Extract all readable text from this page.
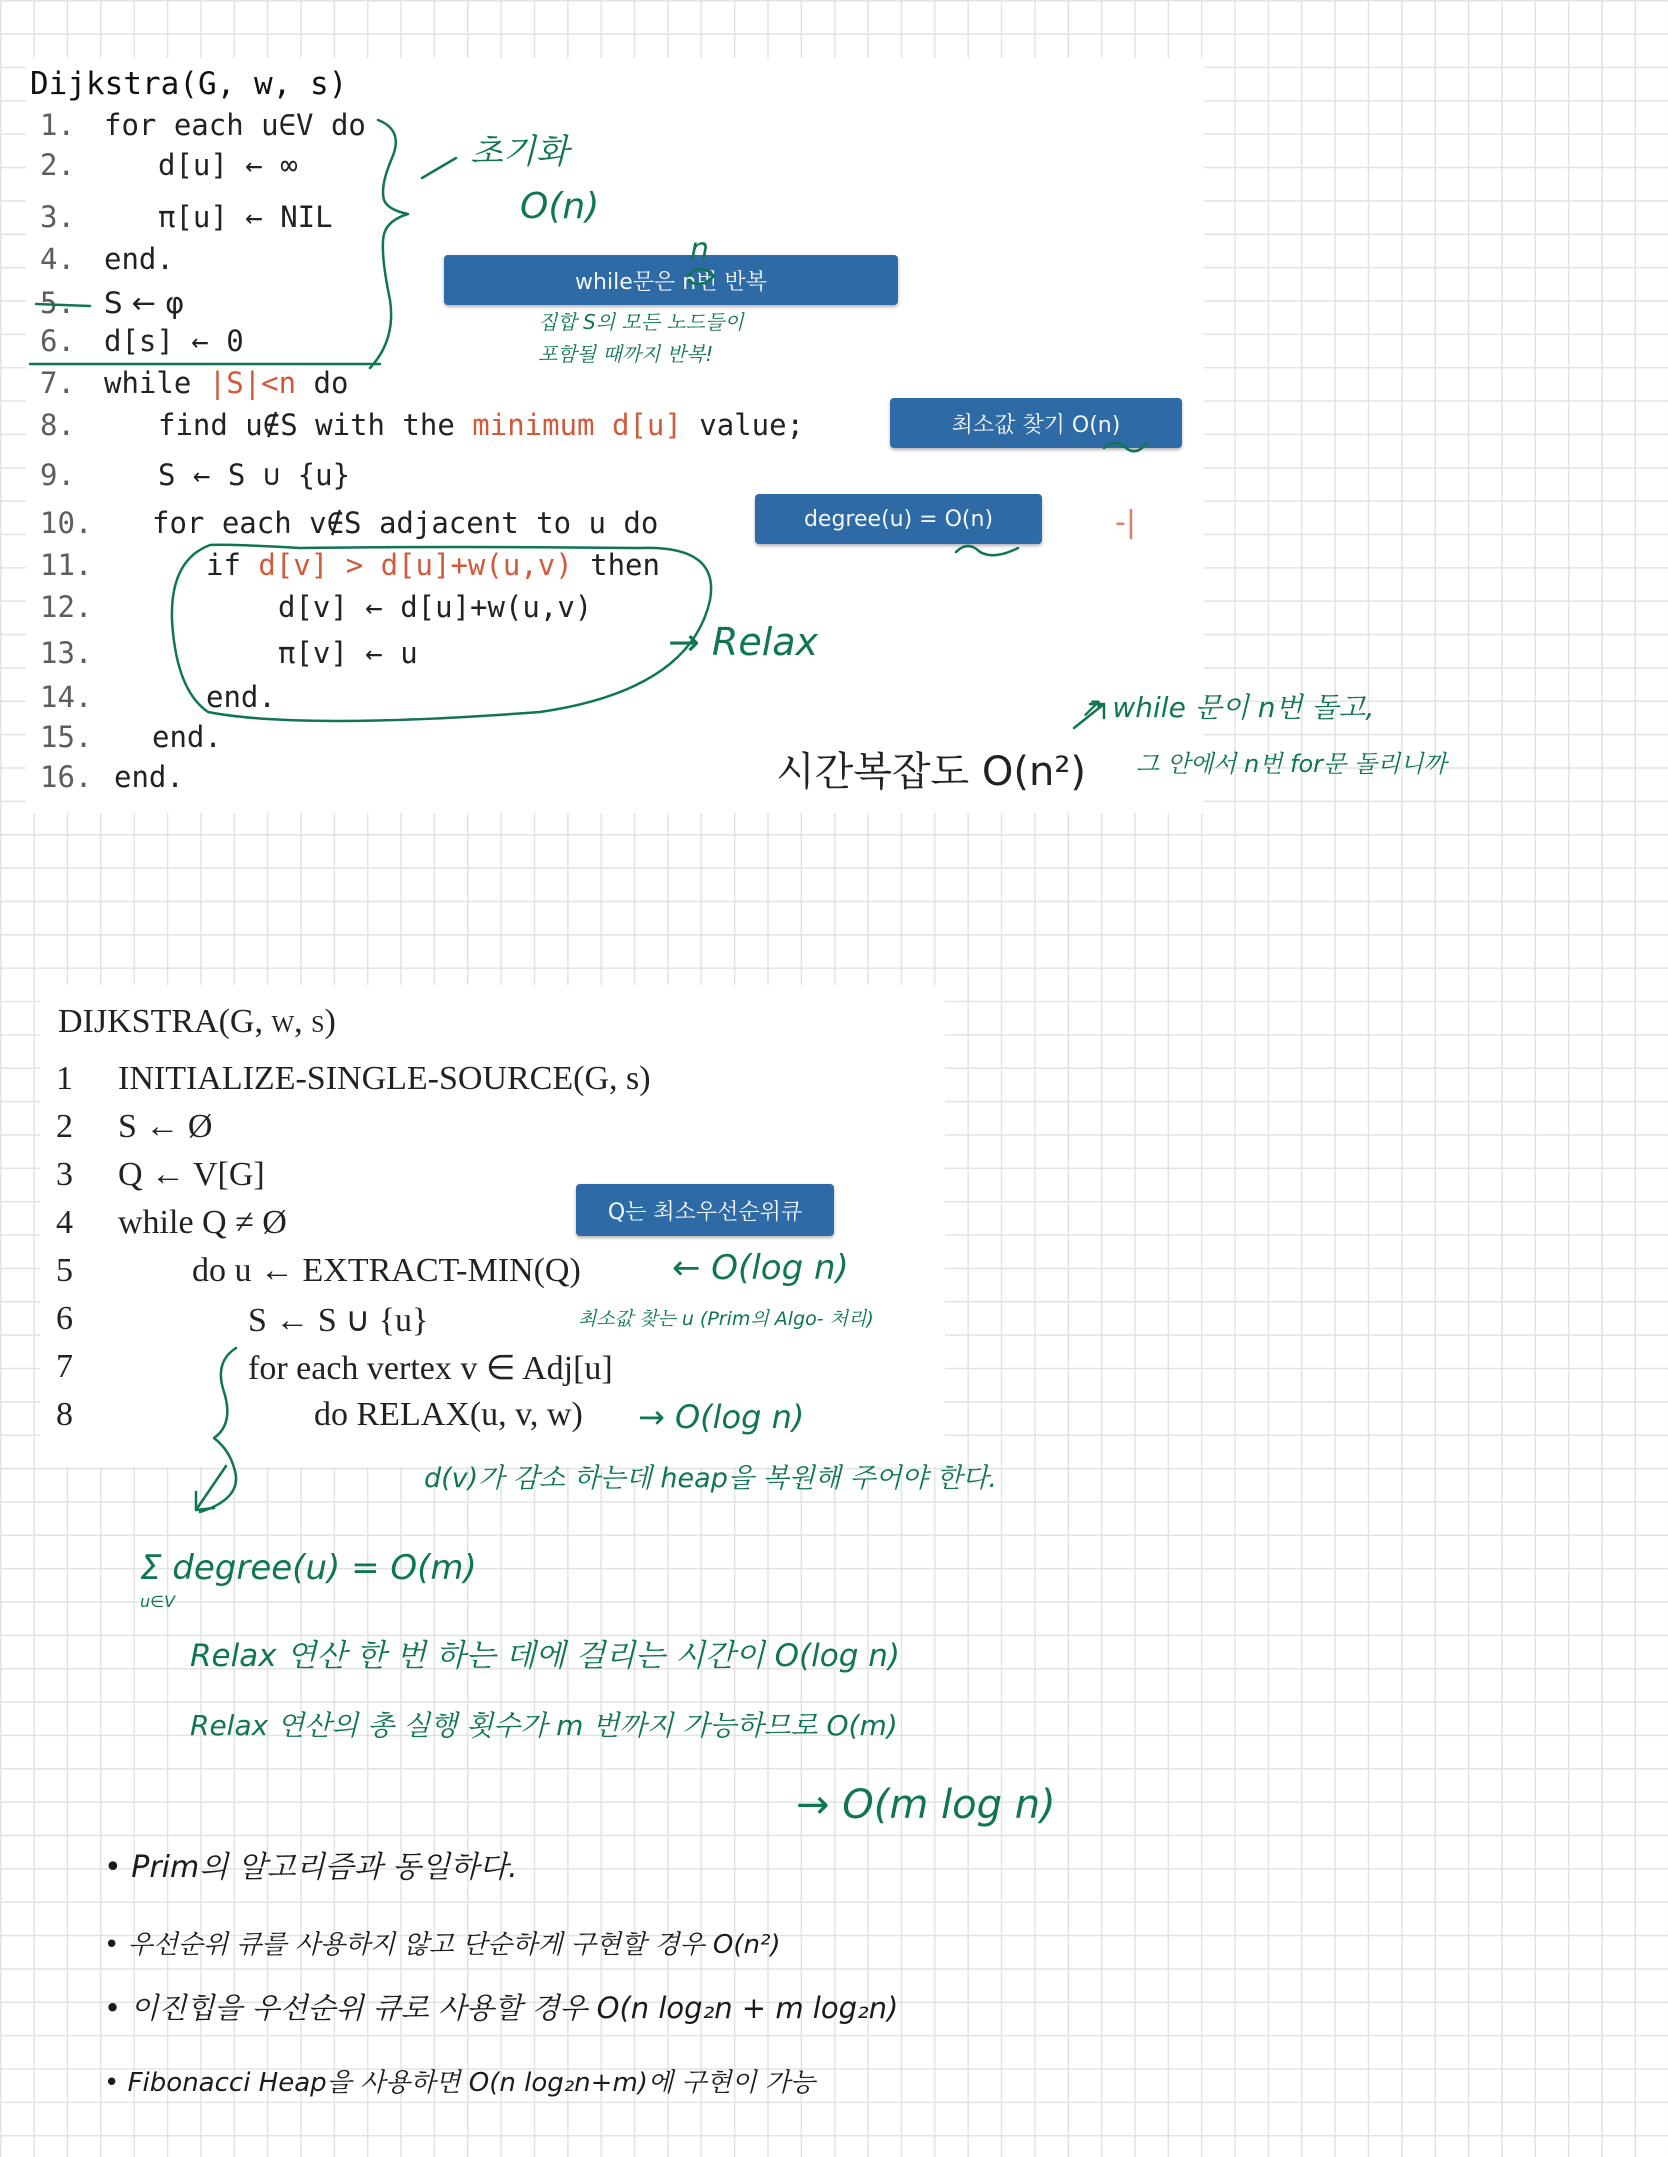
Dijkstra(G, w, s)
1. for each u∈V do
2.	d[u] ← ∞
3.	π[u] ← NIL
4. end.
5. S ← φ
6. d[s] ← 0
7. while |S|<n do
8.	find u∉S with the minimum d[u] value;
9.	S ← S ∪ {u}
10. for each v∉S adjacent to u do
11.	if d[v] > d[u]+w(u,v) then
12.	d[v] ← d[u]+w(u,v)
13.	π[v] ← u
14.	end.
15. end.
16. end.
while문은 n번 반복
최소값 찾기 O(n)
degree(u) = O(n)
초기화
O(n)
n
집합 S의 모든 노드들이
포함될 때까지 반복!
→ Relax
-|
시간복잡도 O(n²)
↗ while 문이 n번 돌고,
그 안에서 n번 for문 돌리니까
DIJKSTRA(G, w, s)
1 INITIALIZE-SINGLE-SOURCE(G, s)
2 S ← Ø
3 Q ← V[G]
4 while Q ≠ Ø
5	do u ← EXTRACT-MIN(Q)
6	S ← S ∪ {u}
7	for each vertex v ∈ Adj[u]
8	do RELAX(u, v, w)
Q는 최소우선순위큐
← O(log n)
최소값 찾는 u (Prim의 Algo- 처리)
→ O(log n)
d(v)가 감소 하는데 heap을 복원해 주어야 한다.
Σ degree(u) = O(m)
u∈V
Relax 연산 한 번 하는 데에 걸리는 시간이 O(log n)
Relax 연산의 총 실행 횟수가 m 번까지 가능하므로 O(m)
→ O(m log n)
• Prim의 알고리즘과 동일하다.
• 우선순위 큐를 사용하지 않고 단순하게 구현할 경우 O(n²)
• 이진힙을 우선순위 큐로 사용할 경우 O(n log₂n + m log₂n)
• Fibonacci Heap을 사용하면 O(n log₂n+m)에 구현이 가능
